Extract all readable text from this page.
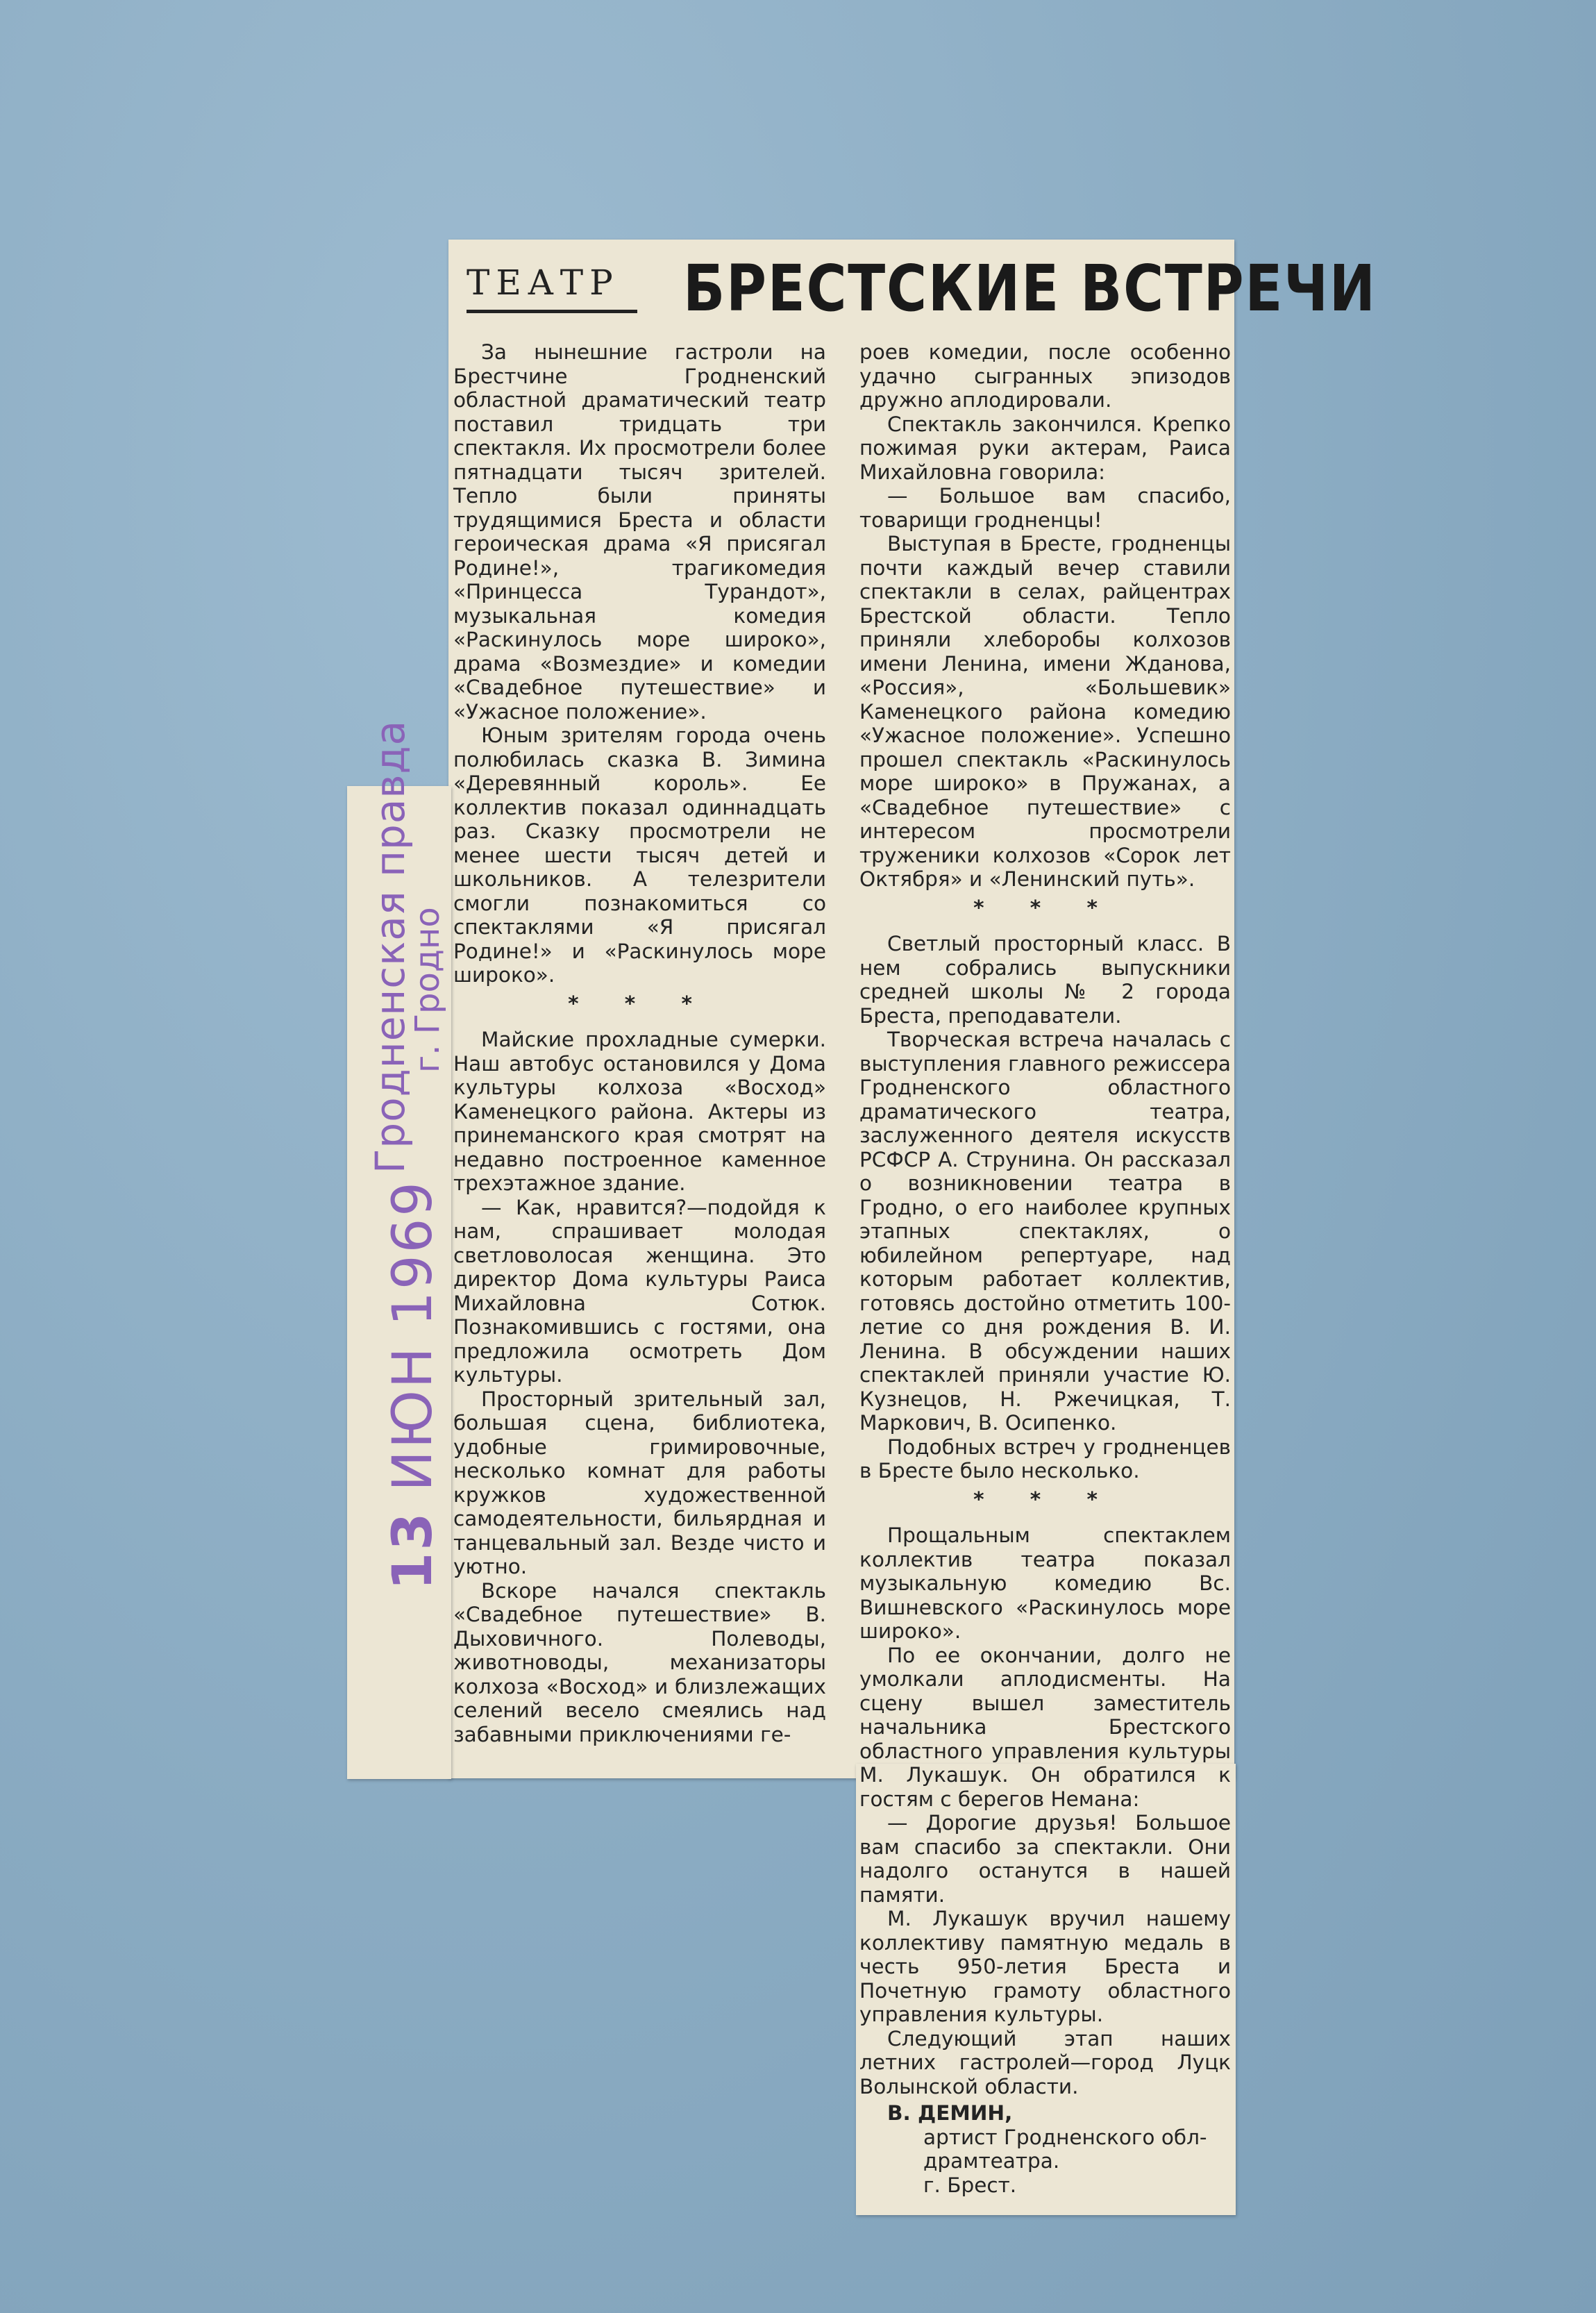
ТЕАТР БРЕСТСКИЕ ВСТРЕЧИ

За нынешние гастроли на Брестчине Гродненский областной драматический театр поставил тридцать три спектакля. Их просмотрели более пятнадцати тысяч зрителей. Тепло были приняты трудящимися Бреста и области героическая драма «Я присягал Родине!», трагикомедия «Принцесса Турандот», музыкальная комедия «Раскинулось море широко», драма «Возмездие» и комедии «Свадебное путешествие» и «Ужасное положение».

Юным зрителям города очень полюбилась сказка В. Зимина «Деревянный король». Ее коллектив показал одиннадцать раз. Сказку просмотрели не менее шести тысяч детей и школьников. А телезрители смогли познакомиться со спектаклями «Я присягал Родине!» и «Раскинулось море широко».

* * *

Майские прохладные сумерки. Наш автобус остановился у Дома культуры колхоза «Восход» Каменецкого района. Актеры из принеманского края смотрят на недавно построенное каменное трехэтажное здание.

— Как, нравится?—подойдя к нам, спрашивает молодая светловолосая женщина. Это директор Дома культуры Раиса Михайловна Сотюк. Познакомившись с гостями, она предложила осмотреть Дом культуры.

Просторный зрительный зал, большая сцена, библиотека, удобные гримировочные, несколько комнат для работы кружков художественной самодеятельности, бильярдная и танцевальный зал. Везде чисто и уютно.

Вскоре начался спектакль «Свадебное путешествие» В. Дыховичного. Полеводы, животноводы, механизаторы колхоза «Восход» и близлежащих селений весело смеялись над забавными приключениями ге-

роев комедии, после особенно удачно сыгранных эпизодов дружно аплодировали.

Спектакль закончился. Крепко пожимая руки актерам, Раиса Михайловна говорила:

— Большое вам спасибо, товарищи гродненцы!

Выступая в Бресте, гродненцы почти каждый вечер ставили спектакли в селах, райцентрах Брестской области. Тепло приняли хлеборобы колхозов имени Ленина, имени Жданова, «Россия», «Большевик» Каменецкого района комедию «Ужасное положение». Успешно прошел спектакль «Раскинулось море широко» в Пружанах, а «Свадебное путешествие» с интересом просмотрели труженики колхозов «Сорок лет Октября» и «Ленинский путь».

* * *

Светлый просторный класс. В нем собрались выпускники средней школы № 2 города Бреста, преподаватели.

Творческая встреча началась с выступления главного режиссера Гродненского областного драматического театра, заслуженного деятеля искусств РСФСР А. Струнина. Он рассказал о возникновении театра в Гродно, о его наиболее крупных этапных спектаклях, о юбилейном репертуаре, над которым работает коллектив, готовясь достойно отметить 100-летие со дня рождения В. И. Ленина. В обсуждении наших спектаклей приняли участие Ю. Кузнецов, Н. Ржечицкая, Т. Маркович, В. Осипенко.

Подобных встреч у гродненцев в Бресте было несколько.

* * *

Прощальным спектаклем коллектив театра показал музыкальную комедию Вс. Вишневского «Раскинулось море широко».

По ее окончании, долго не умолкали аплодисменты. На сцену вышел заместитель начальника Брестского областного управления культуры М. Лукашук. Он обратился к гостям с берегов Немана:

— Дорогие друзья! Большое вам спасибо за спектакли. Они надолго останутся в нашей памяти.

М. Лукашук вручил нашему коллективу памятную медаль в честь 950-летия Бреста и Почетную грамоту областного управления культуры.

Следующий этап наших летних гастролей—город Луцк Волынской области.

В. ДЕМИН,

артист Гродненского обл-

драмтеатра.

г. Брест.

Гродненская правда
г. Гродно
13 ИЮН 1969
